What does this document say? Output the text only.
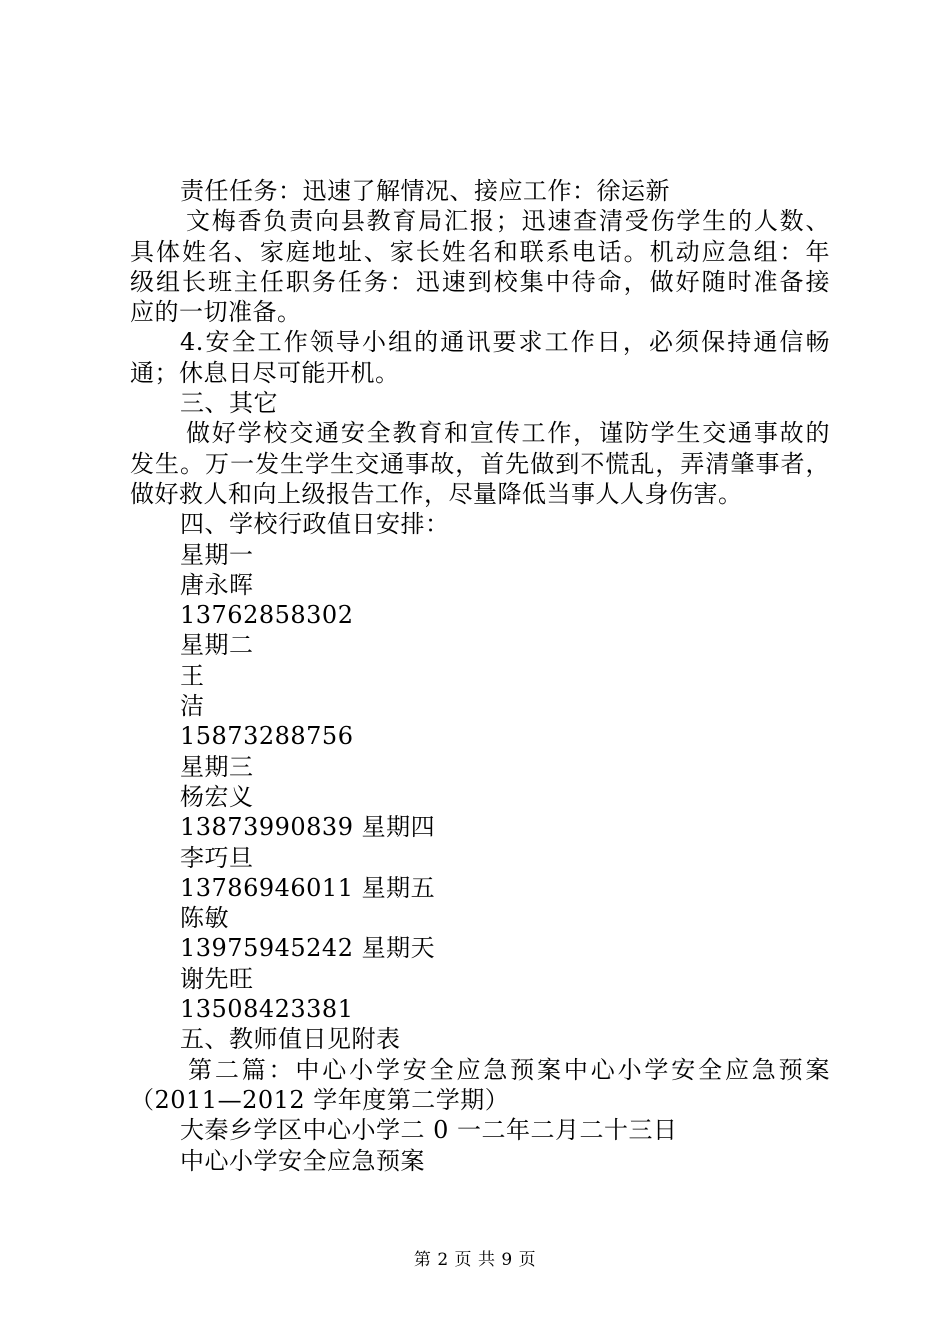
责任任务：迅速了解情况、接应工作：徐运新
文梅香负责向县教育局汇报；迅速查清受伤学生的人数、
具体姓名、家庭地址、家长姓名和联系电话。机动应急组：年
级组长班主任职务任务：迅速到校集中待命，做好随时准备接
应的一切准备。
4.安全工作领导小组的通讯要求工作日，必须保持通信畅
通；休息日尽可能开机。
三、其它
做好学校交通安全教育和宣传工作，谨防学生交通事故的
发生。万一发生学生交通事故，首先做到不慌乱，弄清肇事者，
做好救人和向上级报告工作，尽量降低当事人人身伤害。
四、学校行政值日安排：
星期一
唐永晖
13762858302
星期二
王
洁
15873288756
星期三
杨宏义
13873990839 星期四
李巧旦
13786946011 星期五
陈敏
13975945242 星期天
谢先旺
13508423381
五、教师值日见附表
第二篇：中心小学安全应急预案中心小学安全应急预案
（2011—2012 学年度第二学期）
大秦乡学区中心小学二 0 一二年二月二十三日
中心小学安全应急预案
第 2 页 共 9 页
